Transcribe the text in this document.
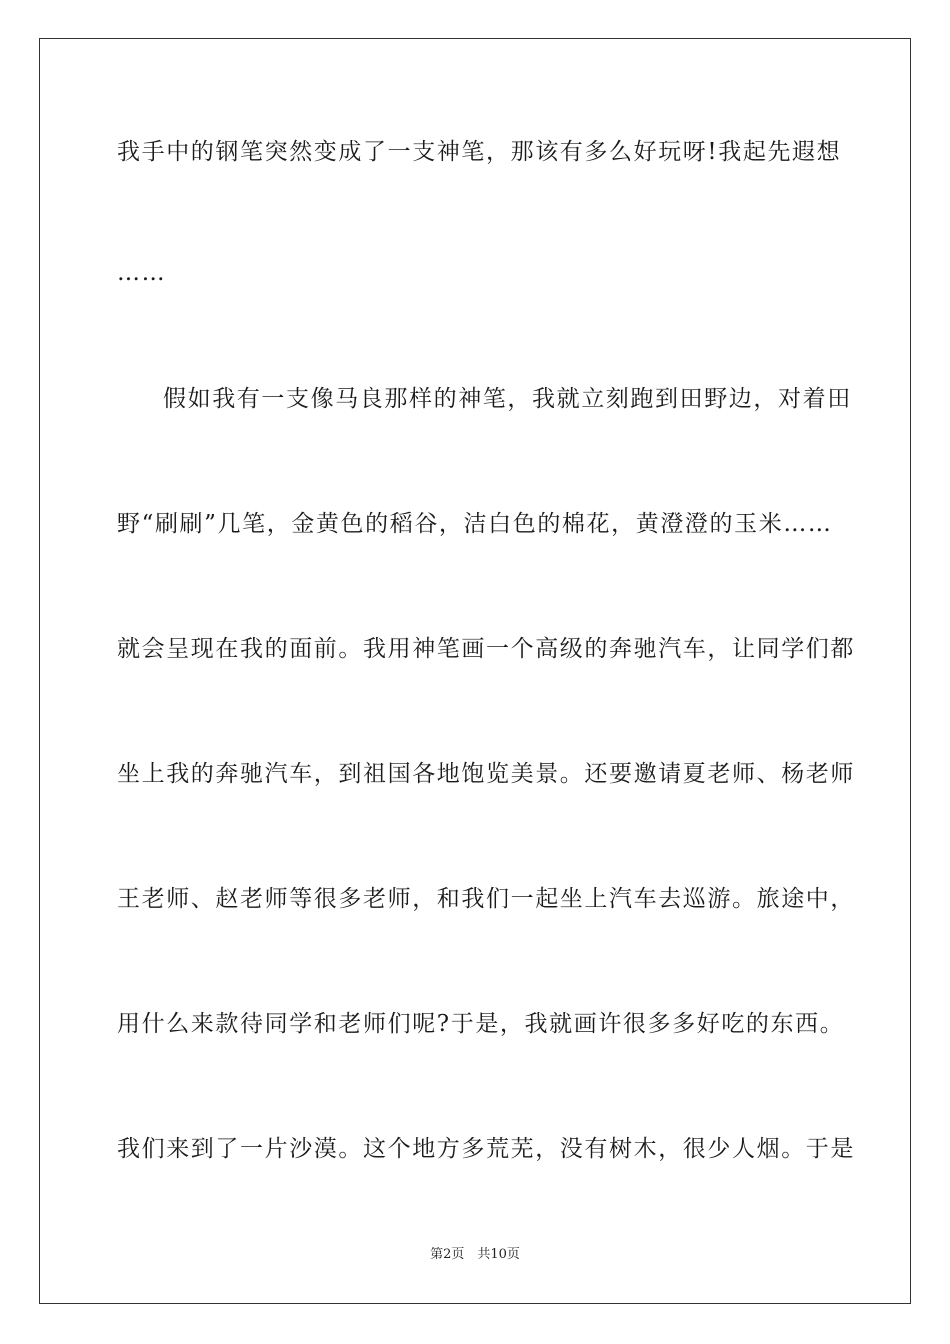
我手中的钢笔突然变成了一支神笔，那该有多么好玩呀!我起先遐想
……
假如我有一支像马良那样的神笔，我就立刻跑到田野边，对着田
野“刷刷”几笔，金黄色的稻谷，洁白色的棉花，黄澄澄的玉米……
就会呈现在我的面前。我用神笔画一个高级的奔驰汽车，让同学们都
坐上我的奔驰汽车，到祖国各地饱览美景。还要邀请夏老师、杨老师
王老师、赵老师等很多老师，和我们一起坐上汽车去巡游。旅途中，
用什么来款待同学和老师们呢?于是，我就画许很多多好吃的东西。
我们来到了一片沙漠。这个地方多荒芜，没有树木，很少人烟。于是
第2页　共10页
